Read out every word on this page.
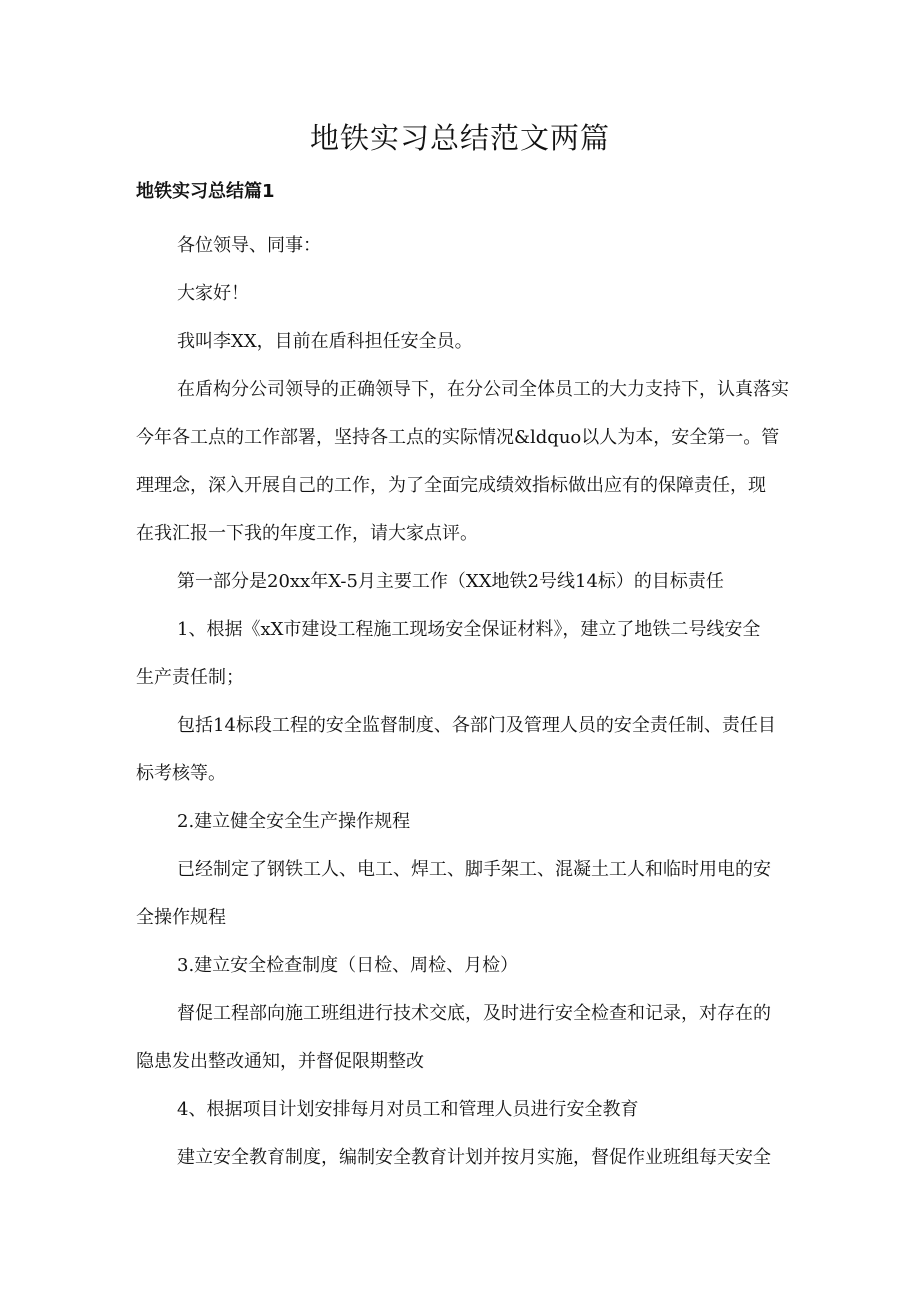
地铁实习总结范文两篇
地铁实习总结篇1

各位领导、同事：

大家好！

我叫李XX，目前在盾科担任安全员。

在盾构分公司领导的正确领导下，在分公司全体员工的大力支持下，认真落实
今年各工点的工作部署，坚持各工点的实际情况&ldquo以人为本，安全第一。管
理理念，深入开展自己的工作，为了全面完成绩效指标做出应有的保障责任，现
在我汇报一下我的年度工作，请大家点评。

第一部分是20xx年X-5月主要工作（XX地铁2号线14标）的目标责任

1、根据《xX市建设工程施工现场安全保证材料》，建立了地铁二号线安全
生产责任制；

包括14标段工程的安全监督制度、各部门及管理人员的安全责任制、责任目
标考核等。

2.建立健全安全生产操作规程

已经制定了钢铁工人、电工、焊工、脚手架工、混凝土工人和临时用电的安
全操作规程

3.建立安全检查制度（日检、周检、月检）

督促工程部向施工班组进行技术交底，及时进行安全检查和记录，对存在的
隐患发出整改通知，并督促限期整改

4、根据项目计划安排每月对员工和管理人员进行安全教育

建立安全教育制度，编制安全教育计划并按月实施，督促作业班组每天安全
